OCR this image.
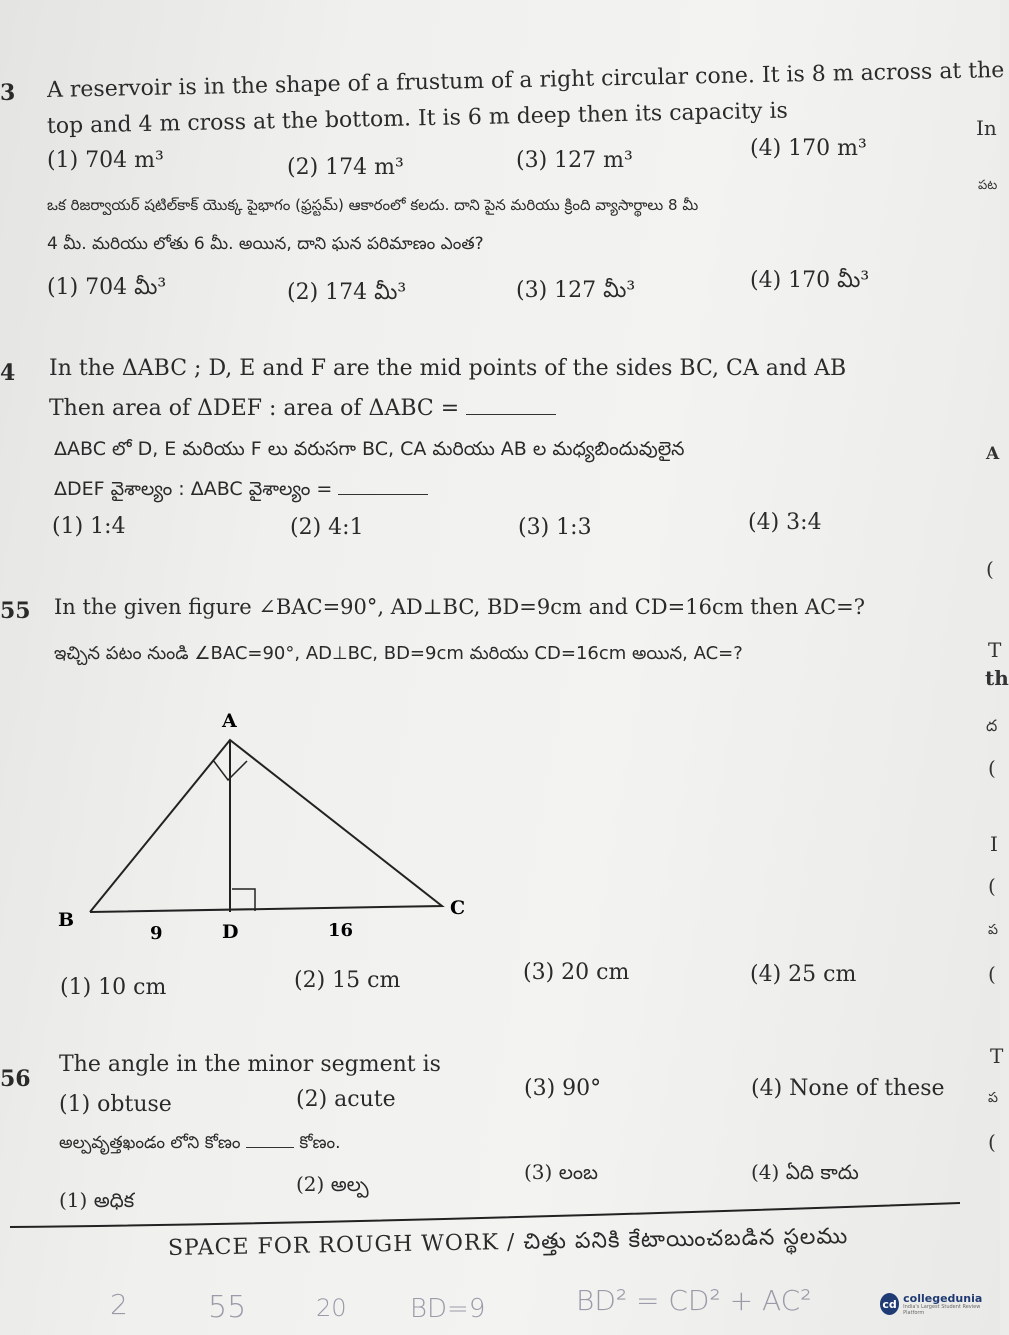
3 A reservoir is in the shape of a frustum of a right circular cone. It is 8 m across at the
top and 4 m cross at the bottom. It is 6 m deep then its capacity is
(1) 704 m³	(2) 174 m³	(3) 127 m³	(4) 170 m³
ఒక రిజర్వాయర్ షటిల్‌కాక్ యొక్క పైభాగం (ఫ్రస్టమ్) ఆకారంలో కలదు. దాని పైన మరియు క్రింది వ్యాసార్థాలు 8 మీ
4 మీ. మరియు లోతు 6 మీ. అయిన, దాని ఘన పరిమాణం ఎంత?
(1) 704 మీ³	(2) 174 మీ³	(3) 127 మీ³	(4) 170 మీ³
4 In the ΔABC ; D, E and F are the mid points of the sides BC, CA and AB
Then area of ΔDEF : area of ΔABC =
ΔABC లో D, E మరియు F లు వరుసగా BC, CA మరియు AB ల మధ్యబిందువులైన
ΔDEF వైశాల్యం : ΔABC వైశాల్యం =
(1) 1:4	(2) 4:1	(3) 1:3	(4) 3:4
55 In the given figure ∠BAC=90°, AD⊥BC, BD=9cm and CD=16cm then AC=?
ఇచ్చిన పటం నుండి ∠BAC=90°, AD⊥BC, BD=9cm మరియు CD=16cm అయిన, AC=?
A
B
C
D
9	16
(1) 10 cm	(2) 15 cm	(3) 20 cm	(4) 25 cm
56
The angle in the minor segment is
(1) obtuse	(2) acute	(3) 90°	(4) None of these
అల్పవృత్తఖండం లోని కోణం	కోణం.
(1) అధిక
(2) అల్ప	(3) లంబ	(4) ఏది కాదు
SPACE FOR ROUGH WORK / చిత్తు పనికి కేటాయించబడిన స్థలము
2	55	20 BD=9	BD² = CD² + AC²
In
పట
A
(
T
th
ద
(
I
(
ప
(
T
ప
(
cd collegedunia
India's Largest Student Review Platform
